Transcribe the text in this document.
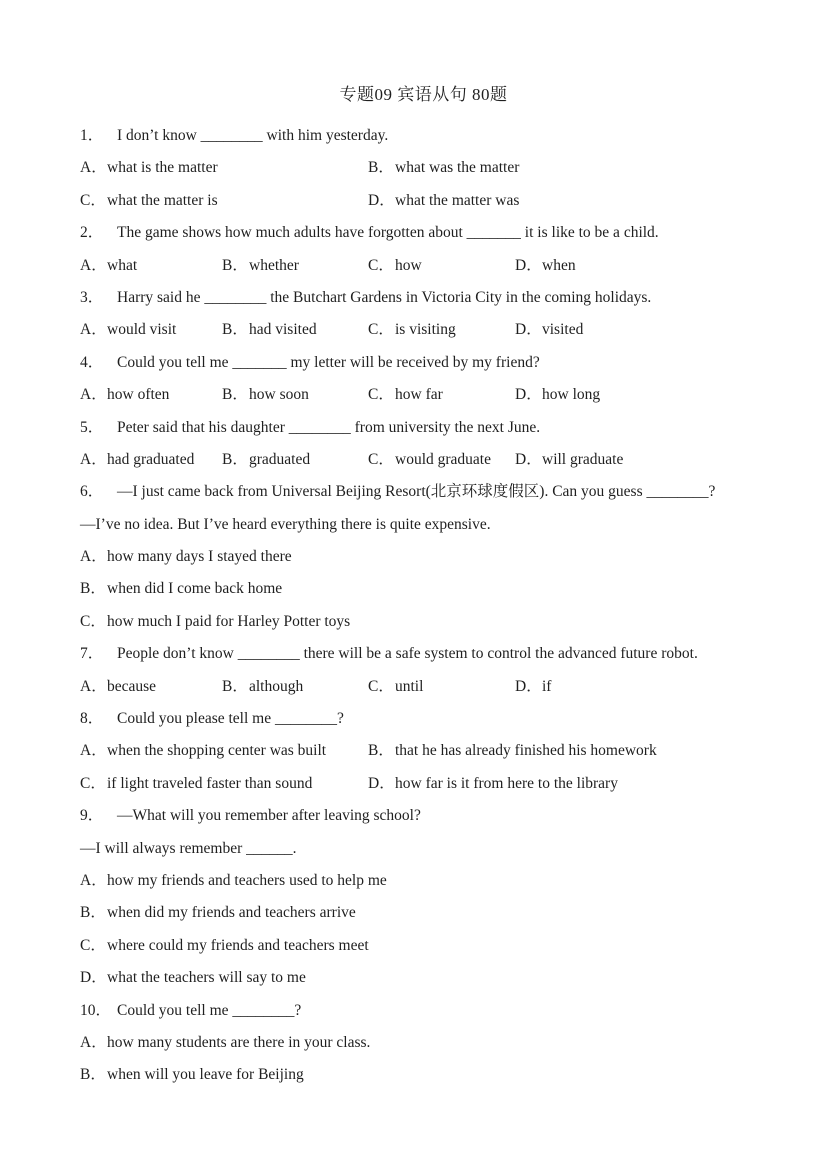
专题09 宾语从句 80题

1． I don’t know ________ with him yesterday.

A．what is the matter	B．what was the matter

C．what the matter is	D．what the matter was

2． The game shows how much adults have forgotten about _______ it is like to be a child.

A．what	B．whether	C．how	D．when

3． Harry said he ________ the Butchart Gardens in Victoria City in the coming holidays.

A．would visit	B．had visited	C．is visiting	D．visited

4． Could you tell me _______ my letter will be received by my friend?

A．how often	B．how soon	C．how far	D．how long

5． Peter said that his daughter ________ from university the next June.

A．had graduated B．graduated	C．would graduate D．will graduate

6． —I just came back from Universal Beijing Resort(北京环球度假区). Can you guess ________?

—I’ve no idea. But I’ve heard everything there is quite expensive.

A．how many days I stayed there

B．when did I come back home

C．how much I paid for Harley Potter toys

7． People don’t know ________ there will be a safe system to control the advanced future robot.

A．because	B．although	C．until	D．if

8． Could you please tell me ________?

A．when the shopping center was built	B．that he has already finished his homework

C．if light traveled faster than sound	D．how far is it from here to the library

9． —What will you remember after leaving school?

—I will always remember ______.

A．how my friends and teachers used to help me

B．when did my friends and teachers arrive

C．where could my friends and teachers meet

D．what the teachers will say to me

10． Could you tell me ________?

A．how many students are there in your class.

B．when will you leave for Beijing
